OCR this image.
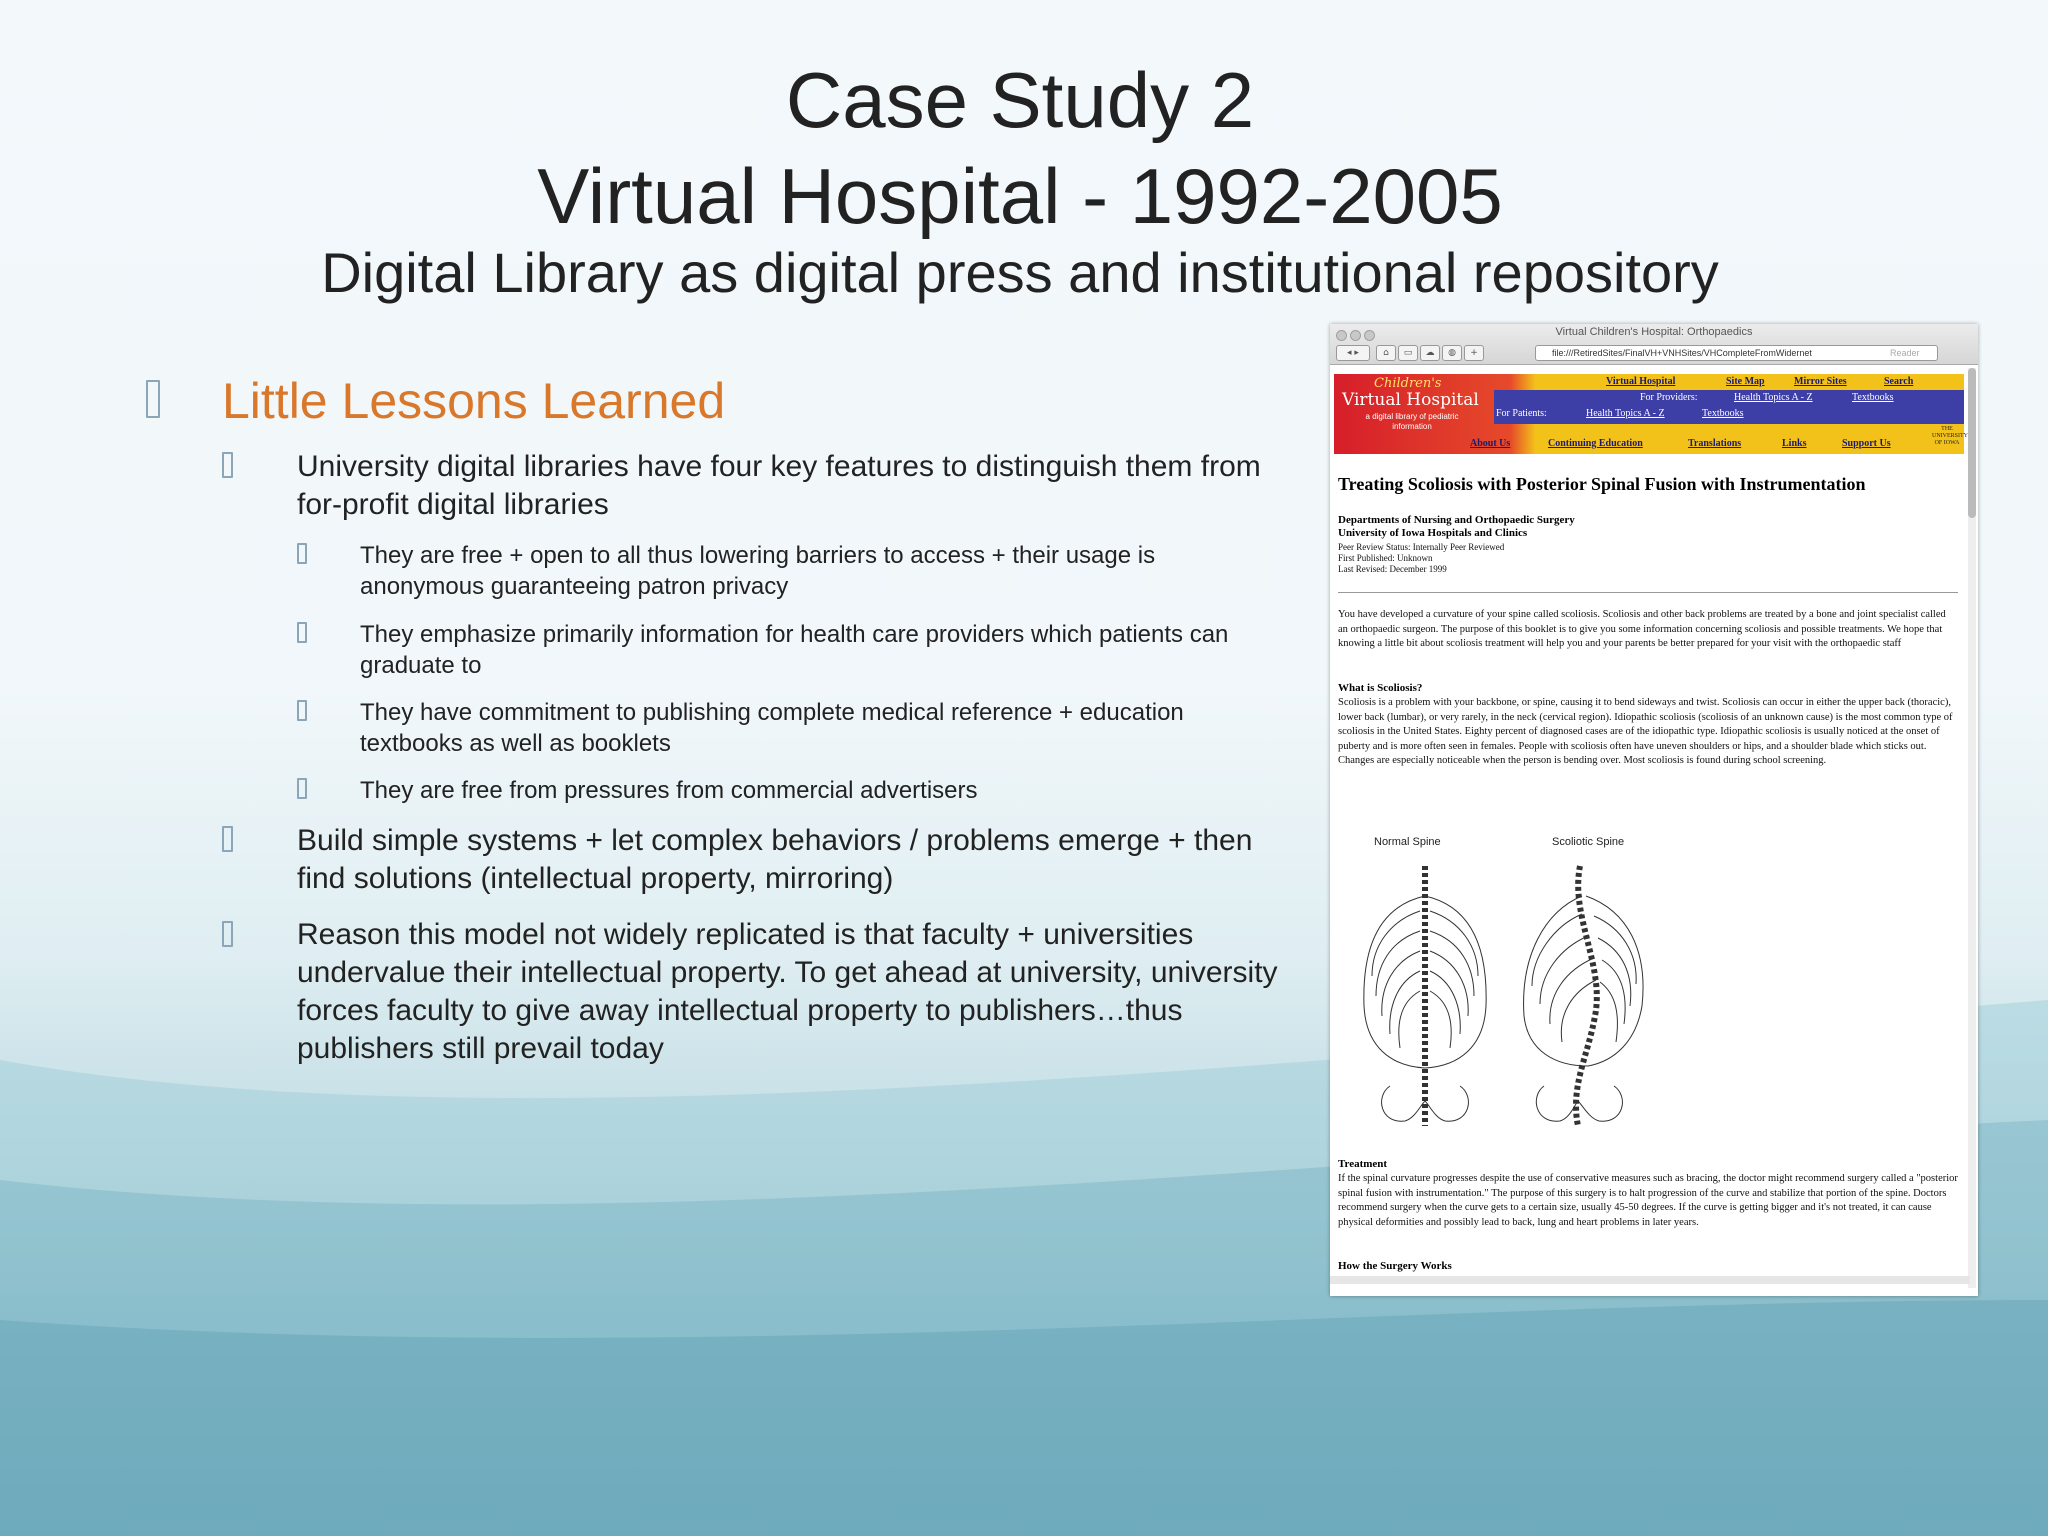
Case Study 2
Virtual Hospital - 1992-2005
Digital Library as digital press and institutional repository
Little Lessons Learned
University digital libraries have four key features to distinguish them from for-profit digital libraries
They are free + open to all thus lowering barriers to access + their usage is anonymous guaranteeing patron privacy
They emphasize primarily information for health care providers which patients can graduate to
They have commitment to publishing complete medical reference + education textbooks as well as booklets
They are free from pressures from commercial advertisers
Build simple systems + let complex behaviors / problems emerge + then find solutions (intellectual property, mirroring)
Reason this model not widely replicated is that faculty + universities undervalue their intellectual property. To get ahead at university, university forces faculty to give away intellectual property to publishers…thus publishers still prevail today
Virtual Children's Hospital: Orthopaedics
◂ ▸	⌂	▭	☁	◍	+	file:///RetiredSites/FinalVH+VNHSites/VHCompleteFromWidernet	Reader
Children's
Virtual Hospital
a digital library of pediatric information
Virtual Hospital	Site Map	Mirror Sites	Search
For Providers:	Health Topics A - Z	Textbooks
For Patients:	Health Topics A - Z	Textbooks
About Us	Continuing Education	Translations	Links	Support Us
THE UNIVERSITY OF IOWA
Treating Scoliosis with Posterior Spinal Fusion with Instrumentation
Departments of Nursing and Orthopaedic Surgery
University of Iowa Hospitals and Clinics
Peer Review Status: Internally Peer Reviewed
First Published: Unknown
Last Revised: December 1999
You have developed a curvature of your spine called scoliosis. Scoliosis and other back problems are treated by a bone and joint specialist called an orthopaedic surgeon. The purpose of this booklet is to give you some information concerning scoliosis and possible treatments. We hope that knowing a little bit about scoliosis treatment will help you and your parents be better prepared for your visit with the orthopaedic staff
What is Scoliosis?
Scoliosis is a problem with your backbone, or spine, causing it to bend sideways and twist. Scoliosis can occur in either the upper back (thoracic), lower back (lumbar), or very rarely, in the neck (cervical region). Idiopathic scoliosis (scoliosis of an unknown cause) is the most common type of scoliosis in the United States. Eighty percent of diagnosed cases are of the idiopathic type. Idiopathic scoliosis is usually noticed at the onset of puberty and is more often seen in females. People with scoliosis often have uneven shoulders or hips, and a shoulder blade which sticks out. Changes are especially noticeable when the person is bending over. Most scoliosis is found during school screening.
Normal Spine	Scoliotic Spine
Treatment
If the spinal curvature progresses despite the use of conservative measures such as bracing, the doctor might recommend surgery called a "posterior spinal fusion with instrumentation." The purpose of this surgery is to halt progression of the curve and stabilize that portion of the spine. Doctors recommend surgery when the curve gets to a certain size, usually 45-50 degrees. If the curve is getting bigger and it's not treated, it can cause physical deformities and possibly lead to back, lung and heart problems in later years.
How the Surgery Works
